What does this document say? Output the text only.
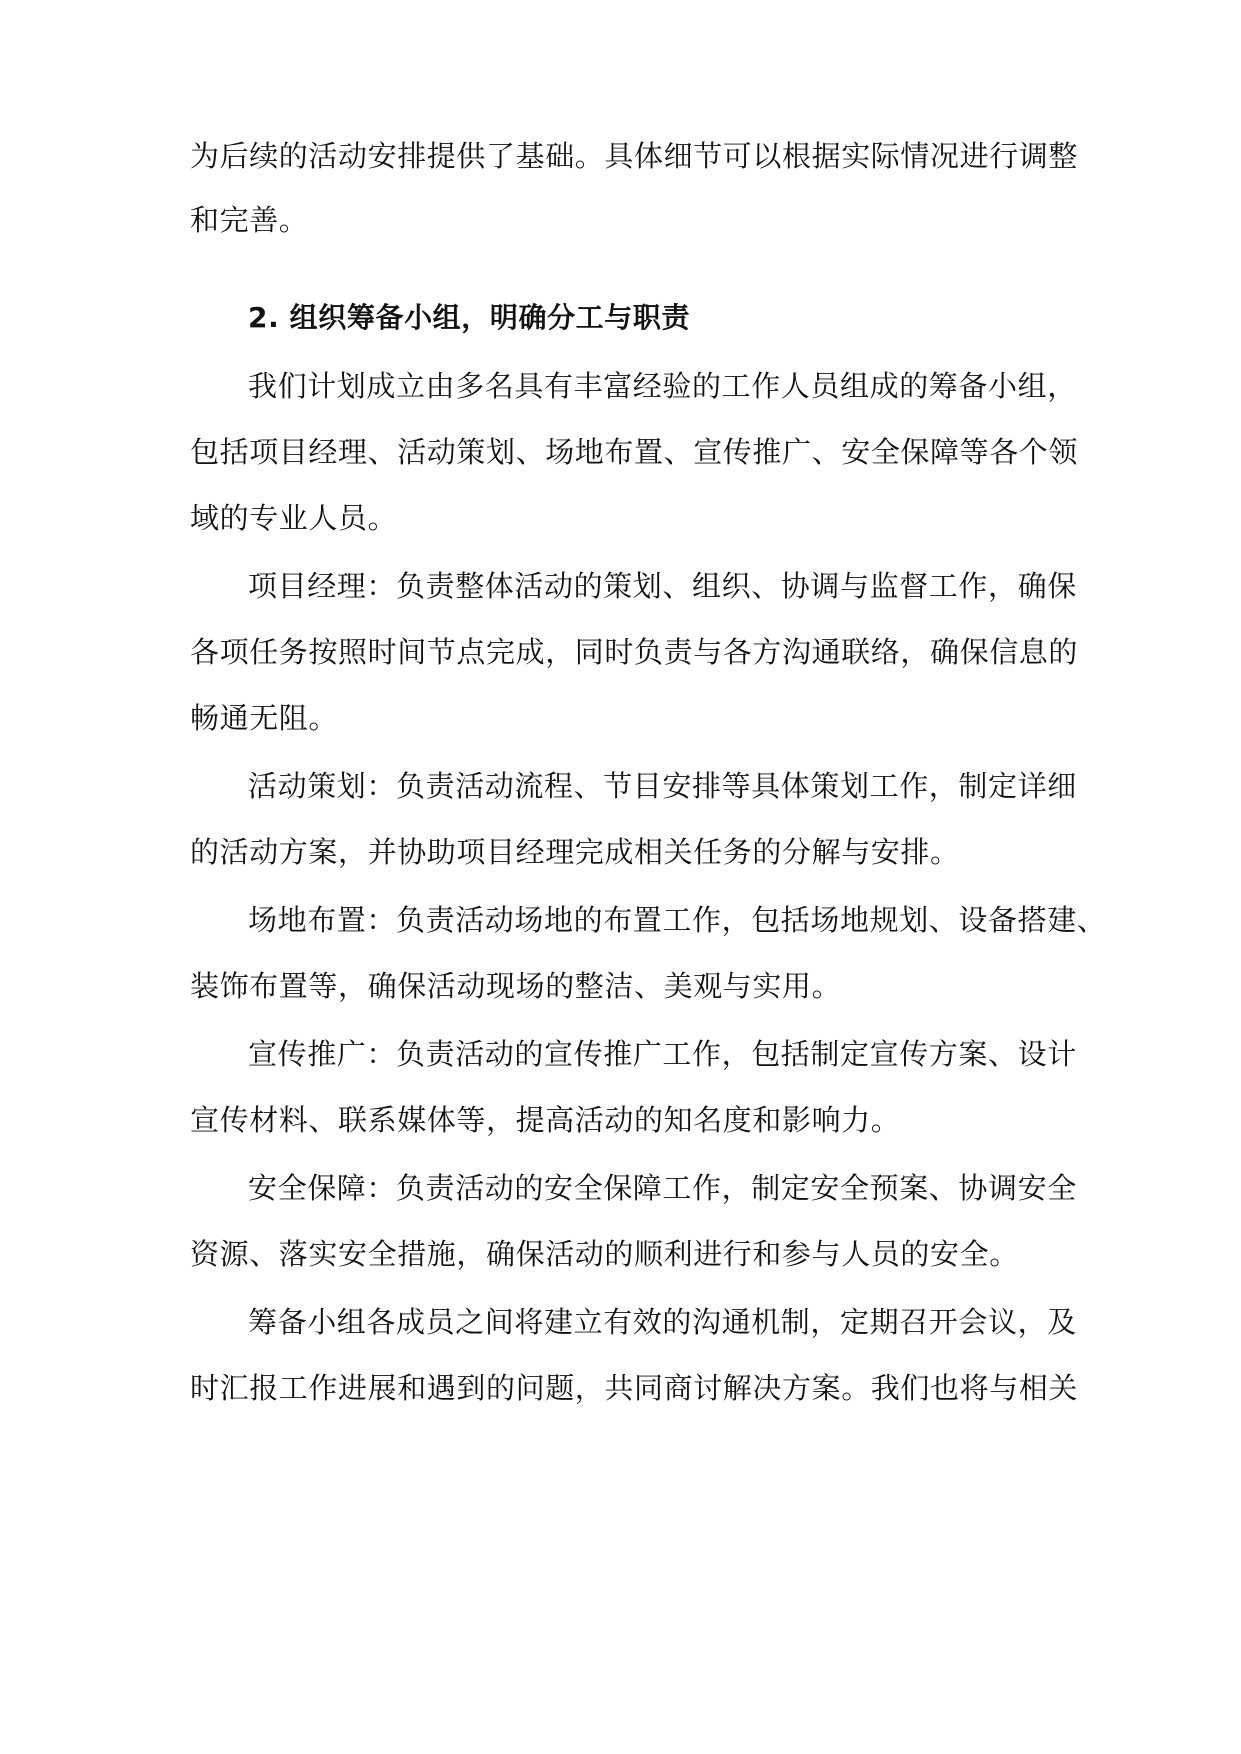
为后续的活动安排提供了基础。具体细节可以根据实际情况进行调整
和完善。
2. 组织筹备小组，明确分工与职责
我们计划成立由多名具有丰富经验的工作人员组成的筹备小组，
包括项目经理、活动策划、场地布置、宣传推广、安全保障等各个领
域的专业人员。
项目经理：负责整体活动的策划、组织、协调与监督工作，确保
各项任务按照时间节点完成，同时负责与各方沟通联络，确保信息的
畅通无阻。
活动策划：负责活动流程、节目安排等具体策划工作，制定详细
的活动方案，并协助项目经理完成相关任务的分解与安排。
场地布置：负责活动场地的布置工作，包括场地规划、设备搭建、
装饰布置等，确保活动现场的整洁、美观与实用。
宣传推广：负责活动的宣传推广工作，包括制定宣传方案、设计
宣传材料、联系媒体等，提高活动的知名度和影响力。
安全保障：负责活动的安全保障工作，制定安全预案、协调安全
资源、落实安全措施，确保活动的顺利进行和参与人员的安全。
筹备小组各成员之间将建立有效的沟通机制，定期召开会议，及
时汇报工作进展和遇到的问题，共同商讨解决方案。我们也将与相关
